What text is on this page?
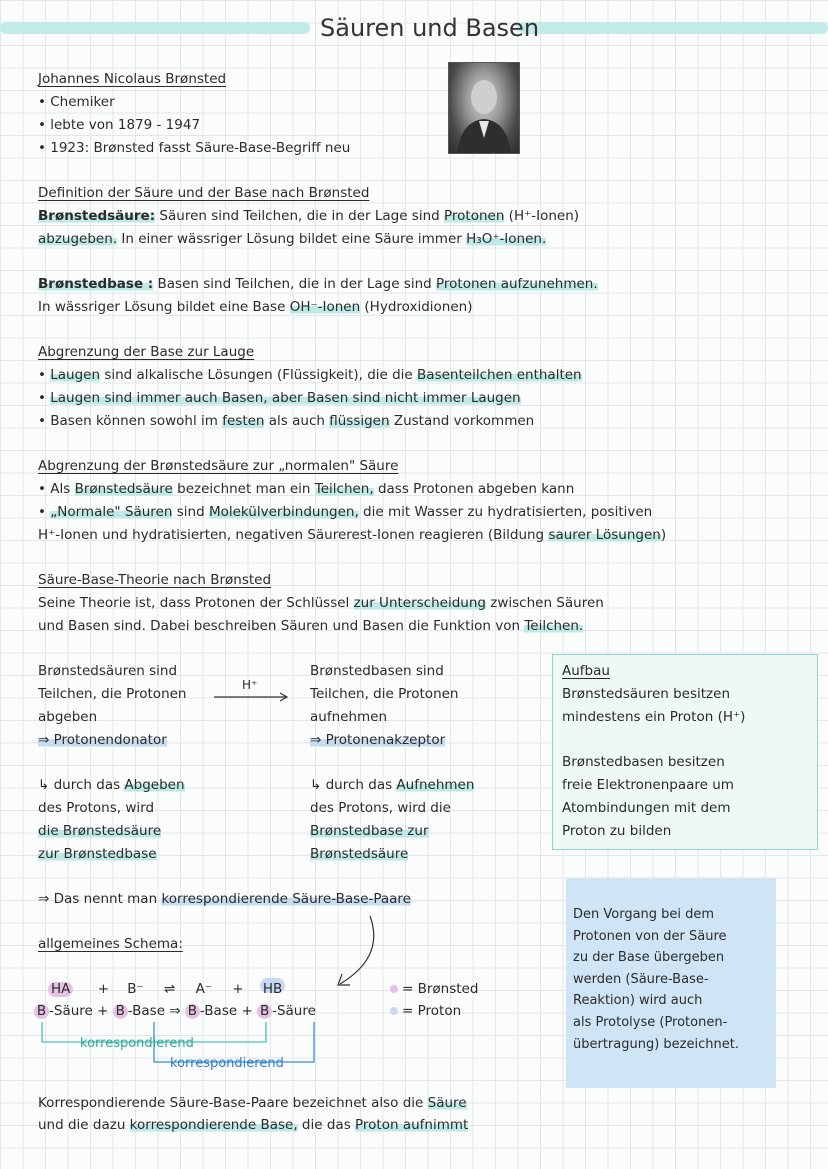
Säuren und Basen
Johannes Nicolaus Brønsted
• Chemiker
• lebte von 1879 - 1947
• 1923: Brønsted fasst Säure-Base-Begriff neu
Definition der Säure und der Base nach Brønsted
Brønstedsäure: Säuren sind Teilchen, die in der Lage sind Protonen (H⁺-Ionen)
abzugeben. In einer wässriger Lösung bildet eine Säure immer H₃O⁺-Ionen.
Brønstedbase : Basen sind Teilchen, die in der Lage sind Protonen aufzunehmen.
In wässriger Lösung bildet eine Base OH⁻-Ionen (Hydroxidionen)
Abgrenzung der Base zur Lauge
• Laugen sind alkalische Lösungen (Flüssigkeit), die die Basenteilchen enthalten
• Laugen sind immer auch Basen, aber Basen sind nicht immer Laugen
• Basen können sowohl im festen als auch flüssigen Zustand vorkommen
Abgrenzung der Brønstedsäure zur „normalen" Säure
• Als Brønstedsäure bezeichnet man ein Teilchen, dass Protonen abgeben kann
• „Normale" Säuren sind Molekülverbindungen, die mit Wasser zu hydratisierten, positiven
H⁺-Ionen und hydratisierten, negativen Säurerest-Ionen reagieren (Bildung saurer Lösungen)
Säure-Base-Theorie nach Brønsted
Seine Theorie ist, dass Protonen der Schlüssel zur Unterscheidung zwischen Säuren
und Basen sind. Dabei beschreiben Säuren und Basen die Funktion von Teilchen.
Brønstedsäuren sind
Teilchen, die Protonen
abgeben
⇒ Protonendonator
↳ durch das Abgeben
des Protons, wird
die Brønstedsäure
zur Brønstedbase
H⁺
Brønstedbasen sind
Teilchen, die Protonen
aufnehmen
⇒ Protonenakzeptor
↳ durch das Aufnehmen
des Protons, wird die
Brønstedbase zur
Brønstedsäure
Aufbau
Brønstedsäuren besitzen
mindestens ein Proton (H⁺)
Brønstedbasen besitzen
freie Elektronenpaare um
Atombindungen mit dem
Proton zu bilden
⇒ Das nennt man korrespondierende Säure-Base-Paare
allgemeines Schema:
HA + B⁻ ⇌ A⁻ + HB
B -Säure + B -Base ⇒ B -Base + B -Säure
= Brønsted
= Proton
korrespondierend
korrespondierend
Den Vorgang bei dem
Protonen von der Säure
zu der Base übergeben
werden (Säure-Base-
Reaktion) wird auch
als Protolyse (Protonen-
übertragung) bezeichnet.
Korrespondierende Säure-Base-Paare bezeichnet also die Säure
und die dazu korrespondierende Base, die das Proton aufnimmt
